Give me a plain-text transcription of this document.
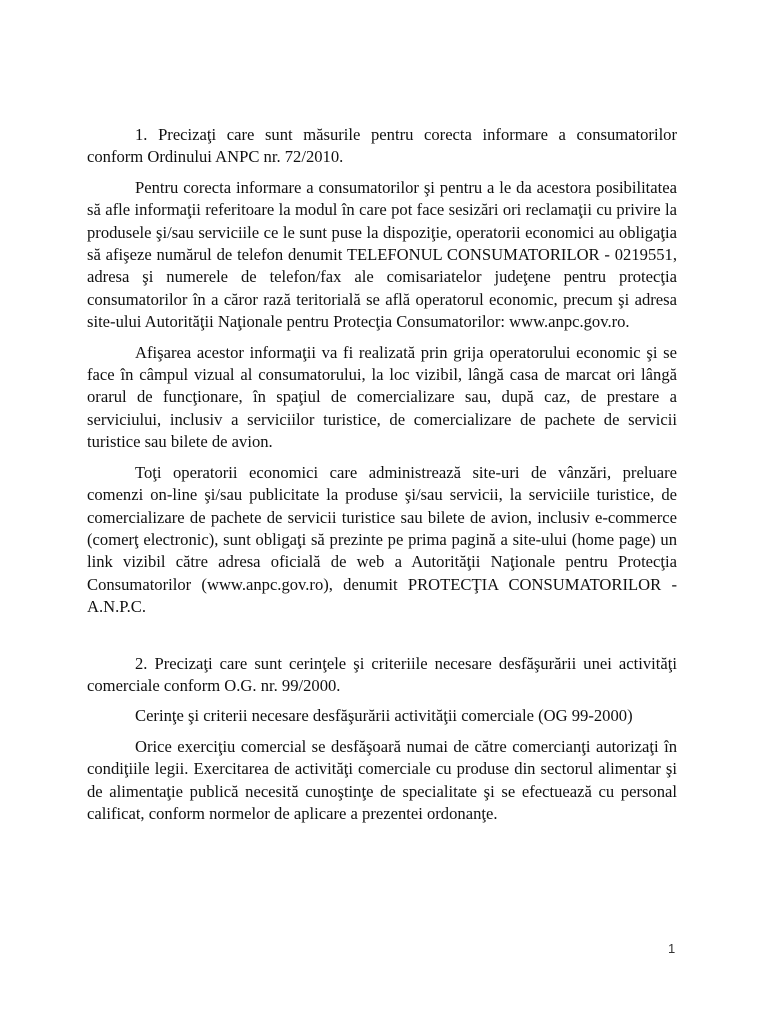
1. Precizaţi care sunt măsurile pentru corecta informare a consumatorilor conform Ordinului ANPC nr. 72/2010.

Pentru corecta informare a consumatorilor şi pentru a le da acestora posibilitatea să afle informaţii referitoare la modul în care pot face sesizări ori reclamaţii cu privire la produsele şi/sau serviciile ce le sunt puse la dispoziţie, operatorii economici au obligaţia să afişeze numărul de telefon denumit TELEFONUL CONSUMATORILOR - 0219551, adresa şi numerele de telefon/fax ale comisariatelor judeţene pentru protecţia consumatorilor în a căror rază teritorială se află operatorul economic, precum şi adresa site-ului Autorităţii Naţionale pentru Protecţia Consumatorilor: www.anpc.gov.ro.

Afişarea acestor informaţii va fi realizată prin grija operatorului economic şi se face în câmpul vizual al consumatorului, la loc vizibil, lângă casa de marcat ori lângă orarul de funcţionare, în spaţiul de comercializare sau, după caz, de prestare a serviciului, inclusiv a serviciilor turistice, de comercializare de pachete de servicii turistice sau bilete de avion.

Toţi operatorii economici care administrează site-uri de vânzări, preluare comenzi on-line şi/sau publicitate la produse şi/sau servicii, la serviciile turistice, de comercializare de pachete de servicii turistice sau bilete de avion, inclusiv e-commerce (comerţ electronic), sunt obligaţi să prezinte pe prima pagină a site-ului (home page) un link vizibil către adresa oficială de web a Autorităţii Naţionale pentru Protecţia Consumatorilor (www.anpc.gov.ro), denumit PROTECŢIA CONSUMATORILOR - A.N.P.C.

2. Precizaţi care sunt cerinţele şi criteriile necesare desfăşurării unei activităţi comerciale conform O.G. nr. 99/2000.

Cerinţe şi criterii necesare desfăşurării activităţii comerciale (OG 99-2000)

Orice exerciţiu comercial se desfăşoară numai de către comercianţi autorizaţi în condiţiile legii. Exercitarea de activităţi comerciale cu produse din sectorul alimentar şi de alimentaţie publică necesită cunoştinţe de specialitate şi se efectuează cu personal calificat, conform normelor de aplicare a prezentei ordonanţe.

1
